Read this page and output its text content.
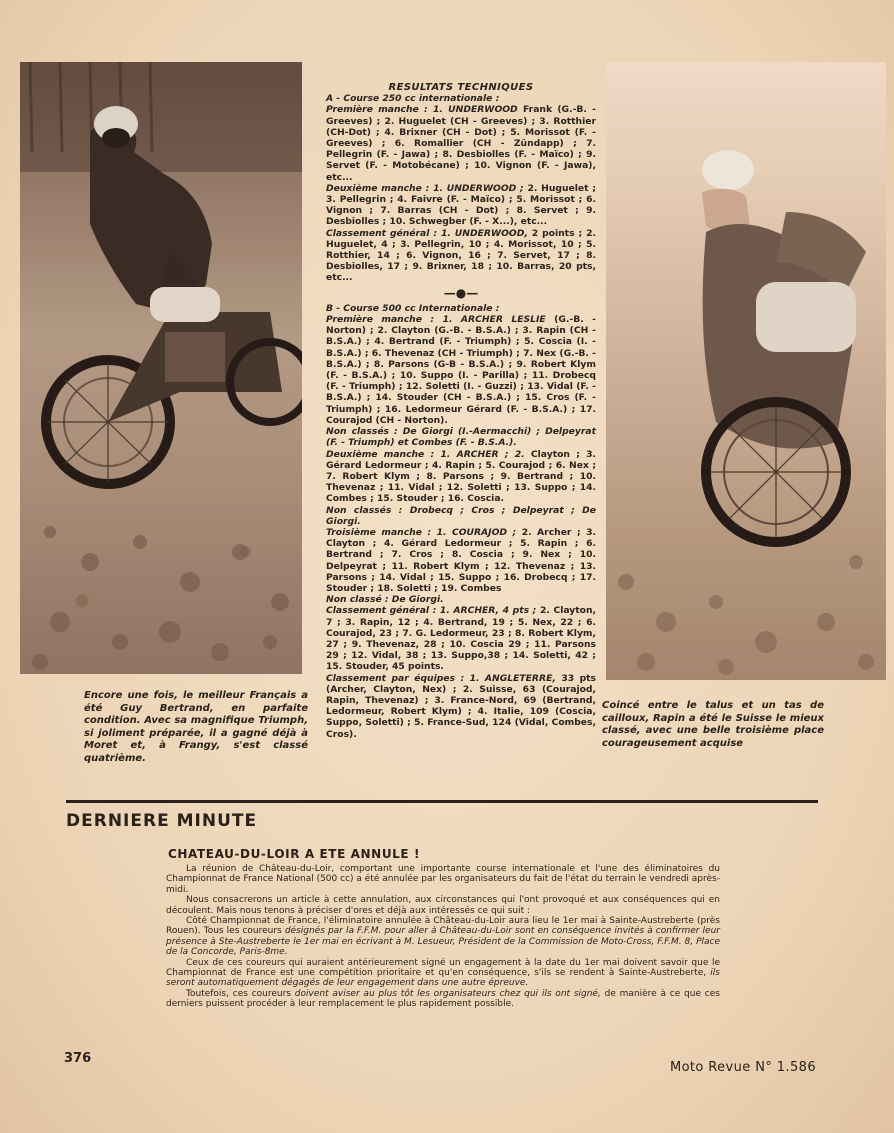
RESULTATS TECHNIQUES

A - Course 250 cc internationale :

Première manche : 1. UNDERWOOD Frank (G.-B. - Greeves) ; 2. Huguelet (CH - Greeves) ; 3. Rotthier (CH-Dot) ; 4. Brixner (CH - Dot) ; 5. Morissot (F. - Greeves) ; 6. Romallier (CH - Zündapp) ; 7. Pellegrin (F. - Jawa) ; 8. Desbiolles (F. - Maïco) ; 9. Servet (F. - Motobécane) ; 10. Vignon (F. - Jawa), etc...

Deuxième manche : 1. UNDERWOOD ; 2. Huguelet ; 3. Pellegrin ; 4. Faivre (F. - Maïco) ; 5. Morissot ; 6. Vignon ; 7. Barras (CH - Dot) ; 8. Servet ; 9. Desbiolles ; 10. Schwegber (F. - X...), etc...

Classement général : 1. UNDERWOOD, 2 points ; 2. Huguelet, 4 ; 3. Pellegrin, 10 ; 4. Morissot, 10 ; 5. Rotthier, 14 ; 6. Vignon, 16 ; 7. Servet, 17 ; 8. Desbiolles, 17 ; 9. Brixner, 18 ; 10. Barras, 20 pts, etc...

—●—

B - Course 500 cc Internationale :

Première manche : 1. ARCHER LESLIE (G.-B. - Norton) ; 2. Clayton (G.-B. - B.S.A.) ; 3. Rapin (CH - B.S.A.) ; 4. Bertrand (F. - Triumph) ; 5. Coscia (I. - B.S.A.) ; 6. Thevenaz (CH - Triumph) ; 7. Nex (G.-B. - B.S.A.) ; 8. Parsons (G-B - B.S.A.) ; 9. Robert Klym (F. - B.S.A.) ; 10. Suppo (I. - Parilla) ; 11. Drobecq (F. - Triumph) ; 12. Soletti (I. - Guzzi) ; 13. Vidal (F. - B.S.A.) ; 14. Stouder (CH - B.S.A.) ; 15. Cros (F. - Triumph) ; 16. Ledormeur Gérard (F. - B.S.A.) ; 17. Courajod (CH - Norton).

Non classés : De Giorgi (I.-Aermacchi) ; Delpeyrat (F. - Triumph) et Combes (F. - B.S.A.).

Deuxième manche : 1. ARCHER ; 2. Clayton ; 3. Gérard Ledormeur ; 4. Rapin ; 5. Courajod ; 6. Nex ; 7. Robert Klym ; 8. Parsons ; 9. Bertrand ; 10. Thevenaz ; 11. Vidal ; 12. Soletti ; 13. Suppo ; 14. Combes ; 15. Stouder ; 16. Coscia.

Non classés : Drobecq ; Cros ; Delpeyrat ; De Giorgi.

Troisième manche : 1. COURAJOD ; 2. Archer ; 3. Clayton ; 4. Gérard Ledormeur ; 5. Rapin ; 6. Bertrand ; 7. Cros ; 8. Coscia ; 9. Nex ; 10. Delpeyrat ; 11. Robert Klym ; 12. Thevenaz ; 13. Parsons ; 14. Vidal ; 15. Suppo ; 16. Drobecq ; 17. Stouder ; 18. Soletti ; 19. Combes

Non classé : De Giorgi.

Classement général : 1. ARCHER, 4 pts ; 2. Clayton, 7 ; 3. Rapin, 12 ; 4. Bertrand, 19 ; 5. Nex, 22 ; 6. Courajod, 23 ; 7. G. Ledormeur, 23 ; 8. Robert Klym, 27 ; 9. Thevenaz, 28 ; 10. Coscia 29 ; 11. Parsons 29 ; 12. Vidal, 38 ; 13. Suppo,38 ; 14. Soletti, 42 ; 15. Stouder, 45 points.

Classement par équipes : 1. ANGLETERRE, 33 pts (Archer, Clayton, Nex) ; 2. Suisse, 63 (Courajod, Rapin, Thevenaz) ; 3. France-Nord, 69 (Bertrand, Ledormeur, Robert Klym) ; 4. Italie, 109 (Coscia, Suppo, Soletti) ; 5. France-Sud, 124 (Vidal, Combes, Cros).

Encore une fois, le meilleur Français a été Guy Bertrand, en parfaite condition. Avec sa magnifique Triumph, si joliment préparée, il a gagné déjà à Moret et, à Frangy, s'est classé quatrième.
Coincé entre le talus et un tas de cailloux, Rapin a été le Suisse le mieux classé, avec une belle troisième place courageusement acquise
DERNIERE MINUTE
CHATEAU-DU-LOIR A ETE ANNULE !

La réunion de Château-du-Loir, comportant une importante course internationale et l'une des éliminatoires du Championnat de France National (500 cc) a été annulée par les organisateurs du fait de l'état du terrain le vendredi après-midi.

Nous consacrerons un article à cette annulation, aux circonstances qui l'ont provoqué et aux conséquences qui en découlent. Mais nous tenons à préciser d'ores et déjà aux intéressés ce qui suit :

Côté Championnat de France, l'éliminatoire annulée à Château-du-Loir aura lieu le 1er mai à Sainte-Austreberte (près Rouen). Tous les coureurs désignés par la F.F.M. pour aller à Château-du-Loir sont en conséquence invités à confirmer leur présence à Ste-Austreberte le 1er mai en écrivant à M. Lesueur, Président de la Commission de Moto-Cross, F.F.M. 8, Place de la Concorde, Paris-8me.

Ceux de ces coureurs qui auraient antérieurement signé un engagement à la date du 1er mai doivent savoir que le Championnat de France est une compétition prioritaire et qu'en conséquence, s'ils se rendent à Sainte-Austreberte, ils seront automatiquement dégagés de leur engagement dans une autre épreuve.

Toutefois, ces coureurs doivent aviser au plus tôt les organisateurs chez qui ils ont signé, de manière à ce que ces derniers puissent procéder à leur remplacement le plus rapidement possible.

376
Moto Revue N° 1.586
